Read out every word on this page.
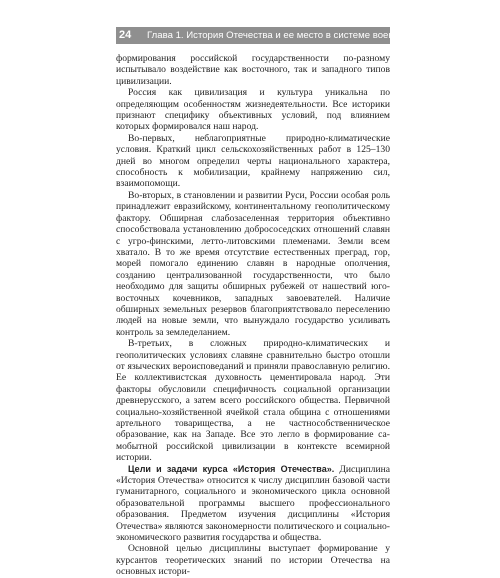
24 Глава 1. История Отечества и ее место в системе военного образования

формирования российской государственности по-разному испытывало воздействие как восточного, так и западного типов цивилизации.

Россия как цивилизация и культура уникальна по определяющим особенностям жизнедеятельности. Все историки признают специфику объективных условий, под влиянием которых формировался наш народ.

Во-первых, неблагоприятные природно-климатические условия. Краткий цикл сельскохозяйственных работ в 125–130 дней во многом определил черты национального характера, способность к мобилизации, крайнему напряжению сил, взаимопомощи.

Во-вторых, в становлении и развитии Руси, России особая роль принадлежит евразийскому, континентальному геополитическому фактору. Обширная слабозаселенная территория объективно способствовала установлению добрососедских отношений славян с угро-финскими, летто-литовскими племенами. Земли всем хватало. В то же время отсутствие естественных преград, гор, морей помогало единению славян в народные ополчения, созданию централизованной государственности, что было необходимо для защиты обширных рубежей от нашествий юго-восточных кочевников, западных завоевателей. Наличие обширных земельных резервов благоприятствовало переселению людей на новые земли, что вынуждало государство усиливать контроль за земледеланием.

В-третьих, в сложных природно-климатических и геополитических условиях славяне сравнительно быстро отошли от языческих вероисповеданий и приняли православную религию. Ее коллективистская духовность цементировала народ. Эти факторы обусловили специфичность социальной организации древнерусского, а затем всего российского общества. Первичной социально-хозяйственной ячейкой стала община с отношениями артельного товарищества, а не частнособственническое образование, как на Западе. Все это легло в формирование самобытной российской цивилизации в контексте всемирной истории.

Цели и задачи курса «История Отечества». Дисциплина «История Отечества» относится к числу дисциплин базовой части гуманитарного, социального и экономического цикла основной образовательной программы высшего профессионального образования. Предметом изучения дисциплины «История Отечества» являются закономерности политического и социально-экономического развития государства и общества.

Основной целью дисциплины выступает формирование у курсантов теоретических знаний по истории Отечества на основных истори-
